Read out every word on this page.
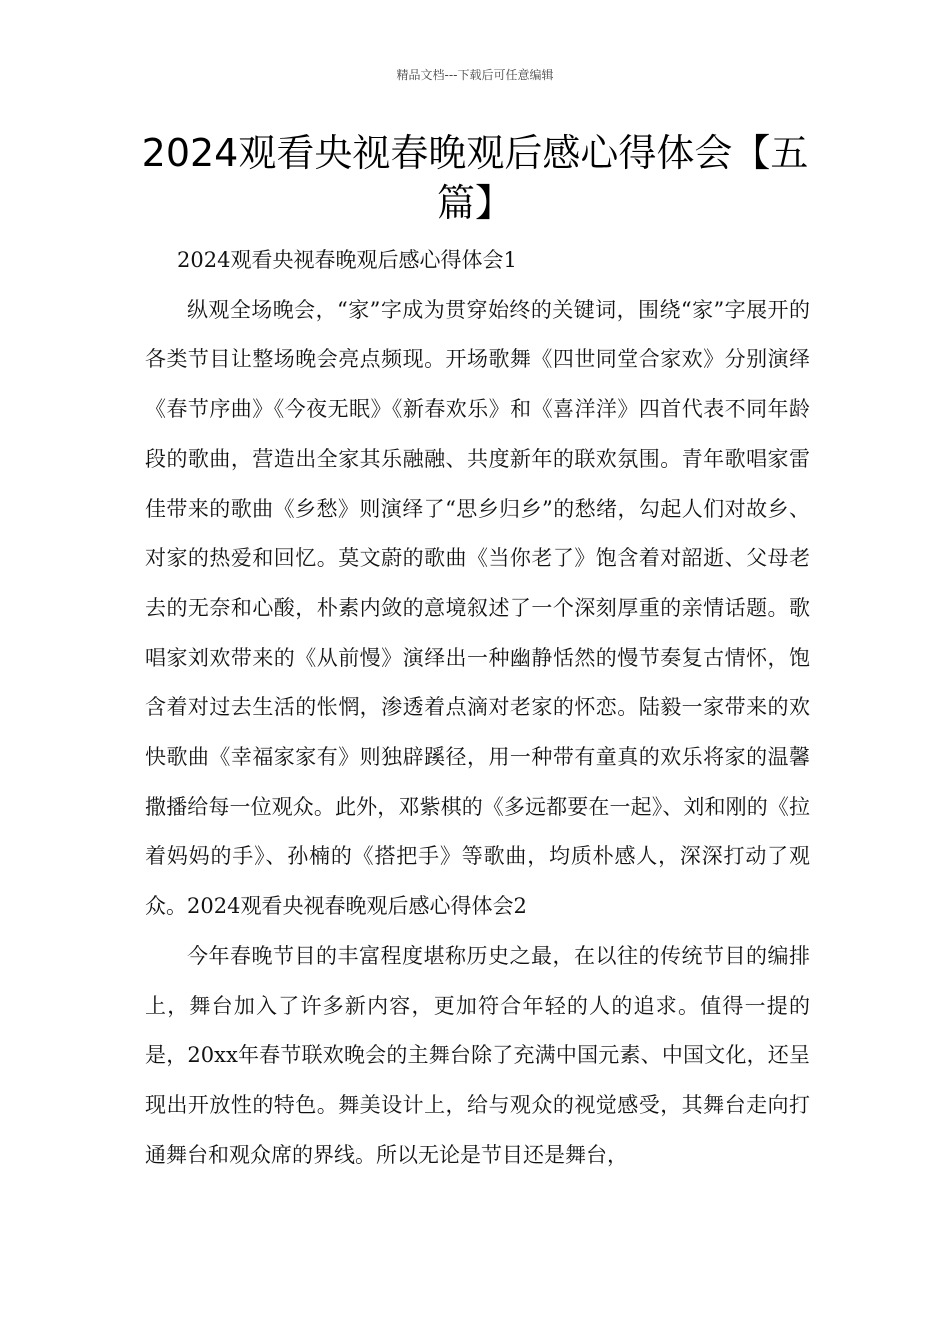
精品文档---下载后可任意编辑
2024观看央视春晚观后感心得体会【五篇】

2024观看央视春晚观后感心得体会1

纵观全场晚会，“家”字成为贯穿始终的关键词，围绕“家”字展开的各类节目让整场晚会亮点频现。开场歌舞《四世同堂合家欢》分别演绎《春节序曲》《今夜无眠》《新春欢乐》和《喜洋洋》四首代表不同年龄段的歌曲，营造出全家其乐融融、共度新年的联欢氛围。青年歌唱家雷佳带来的歌曲《乡愁》则演绎了“思乡归乡”的愁绪，勾起人们对故乡、对家的热爱和回忆。莫文蔚的歌曲《当你老了》饱含着对韶逝、父母老去的无奈和心酸，朴素内敛的意境叙述了一个深刻厚重的亲情话题。歌唱家刘欢带来的《从前慢》演绎出一种幽静恬然的慢节奏复古情怀，饱含着对过去生活的怅惘，渗透着点滴对老家的怀恋。陆毅一家带来的欢快歌曲《幸福家家有》则独辟蹊径，用一种带有童真的欢乐将家的温馨撒播给每一位观众。此外，邓紫棋的《多远都要在一起》、刘和刚的《拉着妈妈的手》、孙楠的《搭把手》等歌曲，均质朴感人，深深打动了观众。2024观看央视春晚观后感心得体会2

今年春晚节目的丰富程度堪称历史之最，在以往的传统节目的编排上，舞台加入了许多新内容，更加符合年轻的人的追求。值得一提的是，20xx年春节联欢晚会的主舞台除了充满中国元素、中国文化，还呈现出开放性的特色。舞美设计上，给与观众的视觉感受，其舞台走向打通舞台和观众席的界线。所以无论是节目还是舞台，
